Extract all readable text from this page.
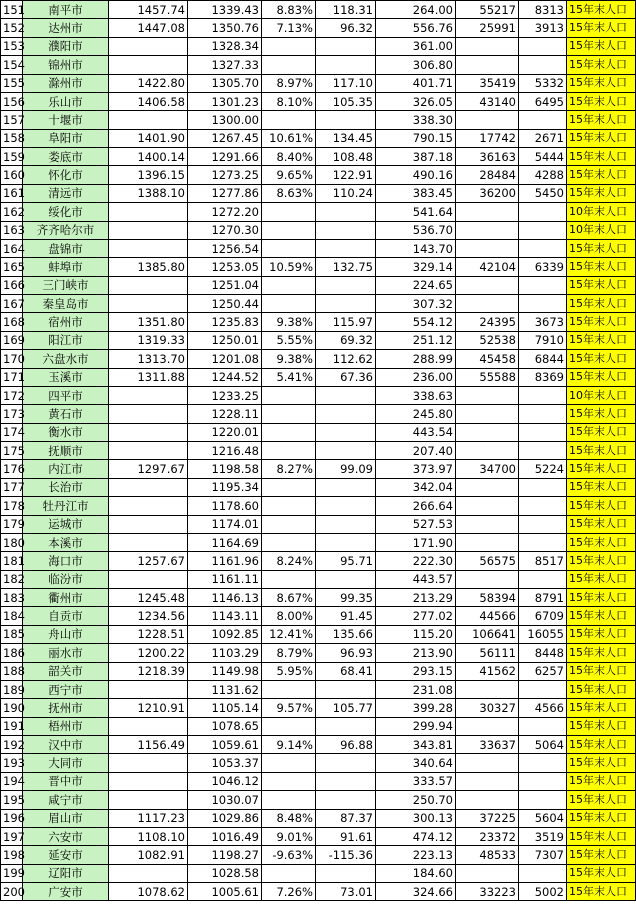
151	南平市	1457.74	1339.43	8.83%	118.31	264.00	55217	8313	15年末人口
152	达州市	1447.08	1350.76	7.13%	96.32	556.76	25991	3913	15年末人口
153	濮阳市		1328.34			361.00			15年末人口
154	锦州市		1327.33			306.80			15年末人口
155	滁州市	1422.80	1305.70	8.97%	117.10	401.71	35419	5332	15年末人口
156	乐山市	1406.58	1301.23	8.10%	105.35	326.05	43140	6495	15年末人口
157	十堰市		1300.00			338.30			15年末人口
158	阜阳市	1401.90	1267.45	10.61%	134.45	790.15	17742	2671	15年末人口
159	娄底市	1400.14	1291.66	8.40%	108.48	387.18	36163	5444	15年末人口
160	怀化市	1396.15	1273.25	9.65%	122.91	490.16	28484	4288	15年末人口
161	清远市	1388.10	1277.86	8.63%	110.24	383.45	36200	5450	15年末人口
162	绥化市		1272.20			541.64			10年末人口
163	齐齐哈尔市		1270.30			536.70			10年末人口
164	盘锦市		1256.54			143.70			15年末人口
165	蚌埠市	1385.80	1253.05	10.59%	132.75	329.14	42104	6339	15年末人口
166	三门峡市		1251.04			224.65			15年末人口
167	秦皇岛市		1250.44			307.32			15年末人口
168	宿州市	1351.80	1235.83	9.38%	115.97	554.12	24395	3673	15年末人口
169	阳江市	1319.33	1250.01	5.55%	69.32	251.12	52538	7910	15年末人口
170	六盘水市	1313.70	1201.08	9.38%	112.62	288.99	45458	6844	15年末人口
171	玉溪市	1311.88	1244.52	5.41%	67.36	236.00	55588	8369	15年末人口
172	四平市		1233.25			338.63			10年末人口
173	黄石市		1228.11			245.80			15年末人口
174	衡水市		1220.01			443.54			15年末人口
175	抚顺市		1216.48			207.40			15年末人口
176	内江市	1297.67	1198.58	8.27%	99.09	373.97	34700	5224	15年末人口
177	长治市		1195.34			342.04			15年末人口
178	牡丹江市		1178.60			266.64			15年末人口
179	运城市		1174.01			527.53			15年末人口
180	本溪市		1164.69			171.90			15年末人口
181	海口市	1257.67	1161.96	8.24%	95.71	222.30	56575	8517	15年末人口
182	临汾市		1161.11			443.57			15年末人口
183	衢州市	1245.48	1146.13	8.67%	99.35	213.29	58394	8791	15年末人口
184	自贡市	1234.56	1143.11	8.00%	91.45	277.02	44566	6709	15年末人口
185	舟山市	1228.51	1092.85	12.41%	135.66	115.20	106641	16055	15年末人口
186	丽水市	1200.22	1103.29	8.79%	96.93	213.90	56111	8448	15年末人口
188	韶关市	1218.39	1149.98	5.95%	68.41	293.15	41562	6257	15年末人口
189	西宁市		1131.62			231.08			15年末人口
190	抚州市	1210.91	1105.14	9.57%	105.77	399.28	30327	4566	15年末人口
191	梧州市		1078.65			299.94			15年末人口
192	汉中市	1156.49	1059.61	9.14%	96.88	343.81	33637	5064	15年末人口
193	大同市		1053.37			340.64			15年末人口
194	晋中市		1046.12			333.57			15年末人口
195	咸宁市		1030.07			250.70			15年末人口
196	眉山市	1117.23	1029.86	8.48%	87.37	300.13	37225	5604	15年末人口
197	六安市	1108.10	1016.49	9.01%	91.61	474.12	23372	3519	15年末人口
198	延安市	1082.91	1198.27	-9.63%	-115.36	223.13	48533	7307	15年末人口
199	辽阳市		1028.58			184.60			15年末人口
200	广安市	1078.62	1005.61	7.26%	73.01	324.66	33223	5002	15年末人口
